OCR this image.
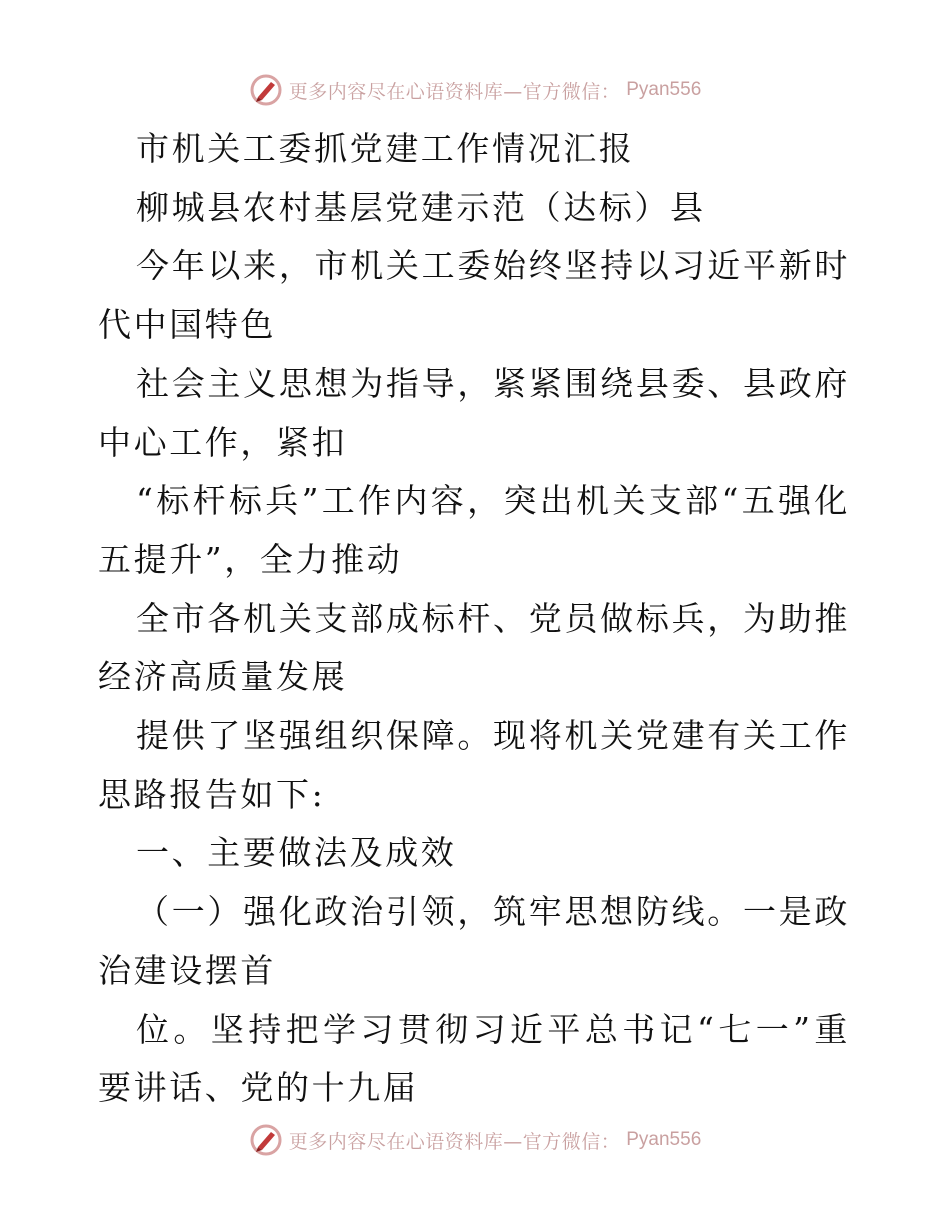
更多内容尽在心语资料库—官方微信： Pyan556

市机关工委抓党建工作情况汇报

柳城县农村基层党建示范（达标）县

今年以来，市机关工委始终坚持以习近平新时代中国特色

社会主义思想为指导，紧紧围绕县委、县政府中心工作，紧扣

“标杆标兵”工作内容，突出机关支部“五强化五提升”，全力推动

全市各机关支部成标杆、党员做标兵，为助推经济高质量发展

提供了坚强组织保障。现将机关党建有关工作思路报告如下:

一、主要做法及成效

（一）强化政治引领，筑牢思想防线。一是政治建设摆首

位。坚持把学习贯彻习近平总书记“七一”重要讲话、党的十九届

更多内容尽在心语资料库—官方微信： Pyan556
